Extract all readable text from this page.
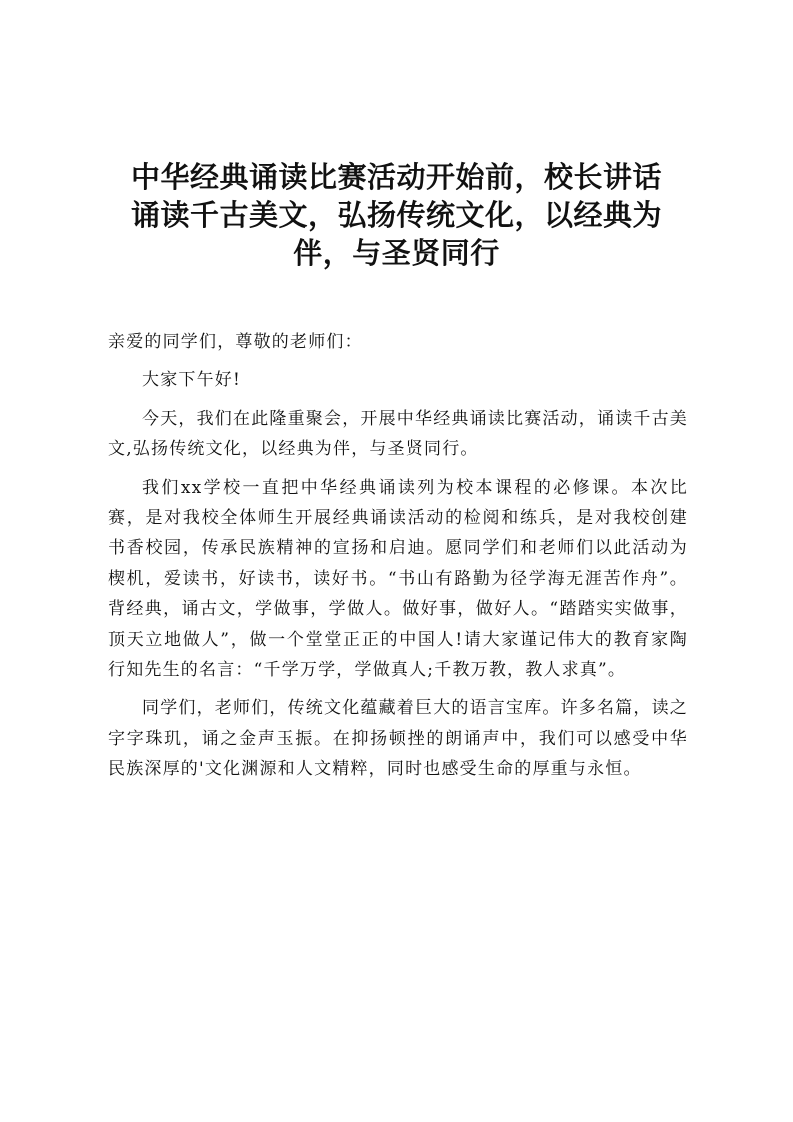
中华经典诵读比赛活动开始前，校长讲话
诵读千古美文，弘扬传统文化，以经典为
伴，与圣贤同行

亲爱的同学们，尊敬的老师们：

大家下午好!

今天，我们在此隆重聚会，开展中华经典诵读比赛活动，诵读千古美文,弘扬传统文化，以经典为伴，与圣贤同行。

我们xx学校一直把中华经典诵读列为校本课程的必修课。本次比赛，是对我校全体师生开展经典诵读活动的检阅和练兵，是对我校创建书香校园，传承民族精神的宣扬和启迪。愿同学们和老师们以此活动为楔机，爱读书，好读书，读好书。“书山有路勤为径学海无涯苦作舟”。背经典，诵古文，学做事，学做人。做好事，做好人。“踏踏实实做事，顶天立地做人”，做一个堂堂正正的中国人!请大家谨记伟大的教育家陶行知先生的名言：“千学万学，学做真人;千教万教，教人求真”。

同学们，老师们，传统文化蕴藏着巨大的语言宝库。许多名篇，读之字字珠玑，诵之金声玉振。在抑扬顿挫的朗诵声中，我们可以感受中华民族深厚的'文化渊源和人文精粹，同时也感受生命的厚重与永恒。
